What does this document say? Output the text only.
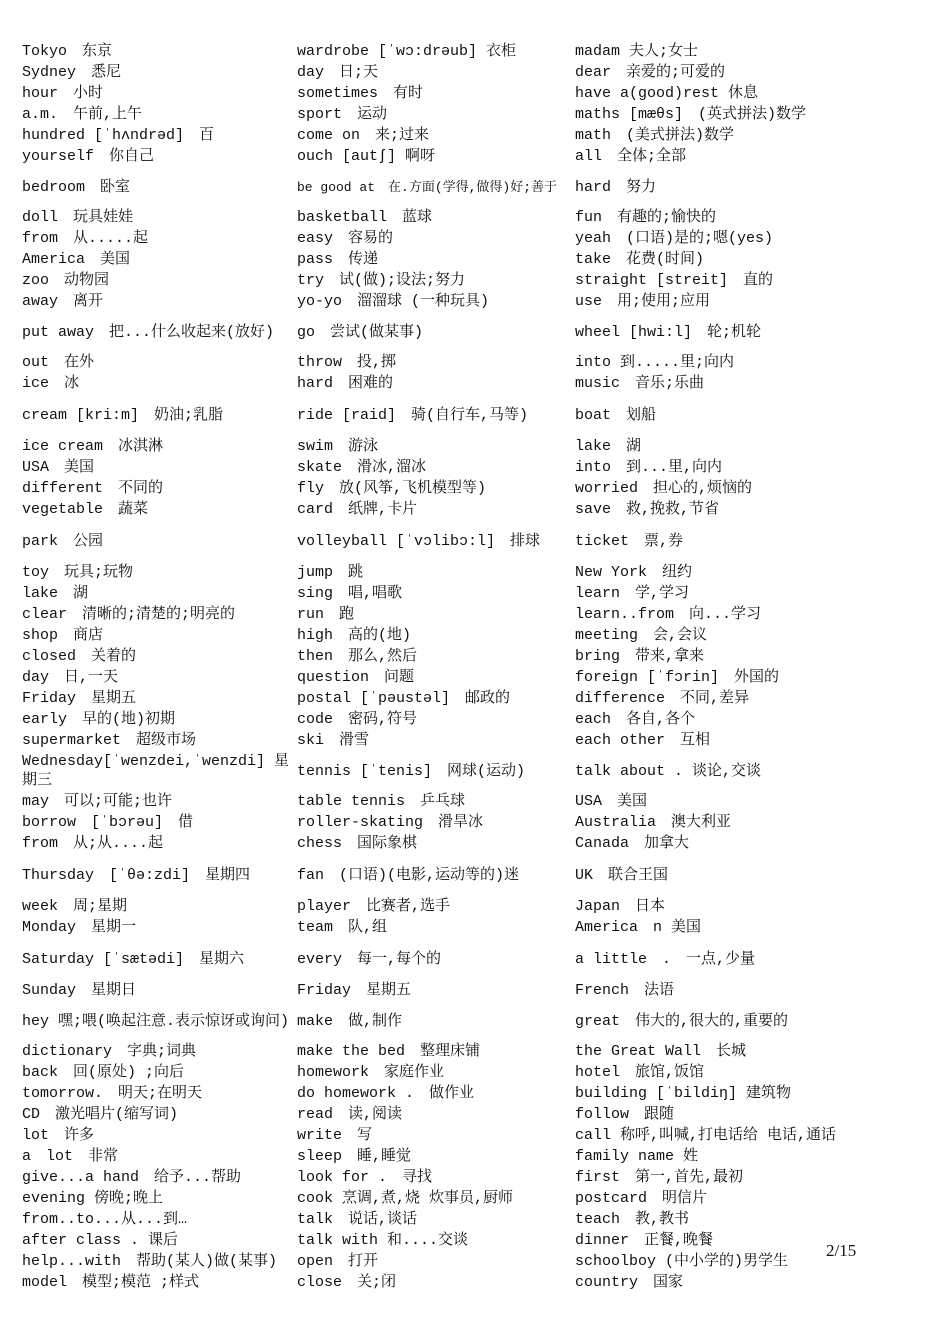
Tokyo　东京	wardrobe [ˈwɔ:drəub] 衣柜	madam 夫人;女士
Sydney　悉尼	day　日;天	dear　亲爱的;可爱的
hour　小时	sometimes　有时	have a(good)rest 休息
a.m.　午前,上午	sport　运动	maths [mæθs]　(英式拼法)数学
hundred [ˈhʌndrəd]　百	come on　来;过来	math　(美式拼法)数学
yourself　你自己	ouch [autʃ] 啊呀	all　全体;全部
bedroom　卧室	be good at　在.方面(学得,做得)好;善于	hard　努力
doll　玩具娃娃	basketball　蓝球	fun　有趣的;愉快的
from　从.....起	easy　容易的	yeah　(口语)是的;嗯(yes)
America　美国	pass　传递	take　花费(时间)
zoo　动物园	try　试(做);设法;努力	straight [streit]　直的
away　离开	yo-yo　溜溜球 (一种玩具)	use　用;使用;应用
put away　把...什么收起来(放好)	go　尝试(做某事)	wheel [hwi:l]　轮;机轮
out　在外	throw　投,掷	into 到.....里;向内
ice　冰	hard　困难的	music　音乐;乐曲
cream [kri:m]　奶油;乳脂	ride [raid]　骑(自行车,马等)	boat　划船
ice cream　冰淇淋	swim　游泳	lake　湖
USA　美国	skate　滑冰,溜冰	into　到...里,向内
different　不同的	fly　放(风筝,飞机模型等)	worried　担心的,烦恼的
vegetable　蔬菜	card　纸牌,卡片	save　救,挽救,节省
park　公园	volleyball [ˈvɔlibɔ:l]　排球	ticket　票,券
toy　玩具;玩物	jump　跳	New York　纽约
lake　湖	sing　唱,唱歌	learn　学,学习
clear　清晰的;清楚的;明亮的	run　跑	learn..from　向...学习
shop　商店	high　高的(地)	meeting　会,会议
closed　关着的	then　那么,然后	bring　带来,拿来
day　日,一天	question　问题	foreign [ˈfɔrin]　外国的
Friday　星期五	postal [ˈpəustəl]　邮政的	difference　不同,差异
early　早的(地)初期	code　密码,符号	each　各自,各个
supermarket　超级市场	ski　滑雪	each other　互相
Wednesday[ˈwenzdei,ˈwenzdi] 星期三	tennis [ˈtenis]　网球(运动)	talk about . 谈论,交谈
may　可以;可能;也许	table tennis　乒乓球	USA　美国
borrow　[ˈbɔrəu]　借	roller-skating　滑旱冰	Australia　澳大利亚
from　从;从....起	chess　国际象棋	Canada　加拿大
Thursday　[ˈθə:zdi]　星期四	fan　(口语)(电影,运动等的)迷	UK　联合王国
week　周;星期	player　比赛者,选手	Japan　日本
Monday　星期一	team　队,组	America　n 美国
Saturday [ˈsætədi]　星期六	every　每一,每个的	a little　.　一点,少量
Sunday　星期日	Friday　星期五	French　法语
hey 嘿;喂(唤起注意.表示惊讶或询问)	make　做,制作	great　伟大的,很大的,重要的
dictionary　字典;词典	make the bed　整理床铺	the Great Wall　长城
back　回(原处) ;向后	homework　家庭作业	hotel　旅馆,饭馆
tomorrow.　明天;在明天	do homework .　做作业	building [ˈbildiŋ] 建筑物
CD　激光唱片(缩写词)	read　读,阅读	follow　跟随
lot　许多	write　写	call 称呼,叫喊,打电话给 电话,通话
a　lot　非常	sleep　睡,睡觉	family name 姓
give...a hand　给予...帮助	look for .　寻找	first　第一,首先,最初
evening 傍晚;晚上	cook 烹调,煮,烧 炊事员,厨师	postcard　明信片
from..to...从...到…	talk　说话,谈话	teach　教,教书
after class . 课后	talk with 和....交谈	dinner　正餐,晚餐
help...with　帮助(某人)做(某事)	open　打开	schoolboy (中小学的)男学生
model　模型;模范 ;样式	close　关;闭	country　国家
2/15
